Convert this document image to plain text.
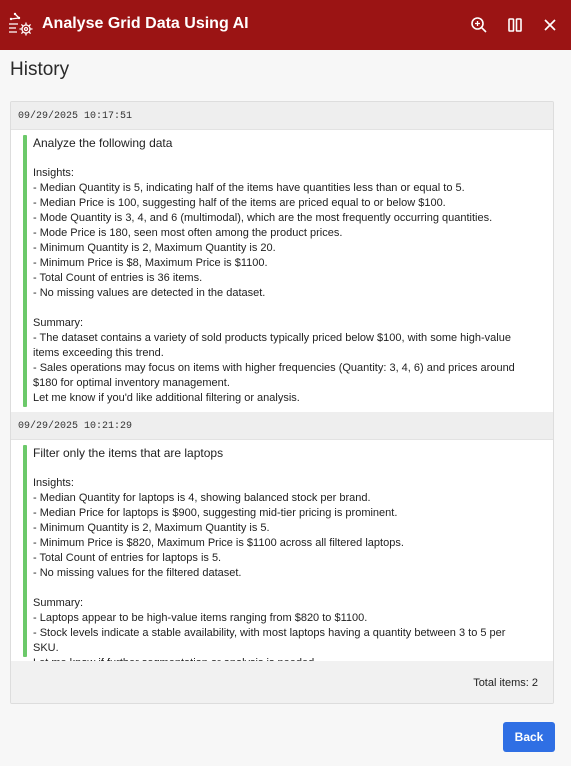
Analyse Grid Data Using AI
History
09/29/2025 10:17:51
Analyze the following data
Insights:
- Median Quantity is 5, indicating half of the items have quantities less than or equal to 5.
- Median Price is 100, suggesting half of the items are priced equal to or below $100.
- Mode Quantity is 3, 4, and 6 (multimodal), which are the most frequently occurring quantities.
- Mode Price is 180, seen most often among the product prices.
- Minimum Quantity is 2, Maximum Quantity is 20.
- Minimum Price is $8, Maximum Price is $1100.
- Total Count of entries is 36 items.
- No missing values are detected in the dataset.

Summary:
- The dataset contains a variety of sold products typically priced below $100, with some high-value items exceeding this trend.
- Sales operations may focus on items with higher frequencies (Quantity: 3, 4, 6) and prices around $180 for optimal inventory management.
Let me know if you'd like additional filtering or analysis.
09/29/2025 10:21:29
Filter only the items that are laptops
Insights:
- Median Quantity for laptops is 4, showing balanced stock per brand.
- Median Price for laptops is $900, suggesting mid-tier pricing is prominent.
- Minimum Quantity is 2, Maximum Quantity is 5.
- Minimum Price is $820, Maximum Price is $1100 across all filtered laptops.
- Total Count of entries for laptops is 5.
- No missing values for the filtered dataset.

Summary:
- Laptops appear to be high-value items ranging from $820 to $1100.
- Stock levels indicate a stable availability, with most laptops having a quantity between 3 to 5 per SKU.

Total items: 2
Back
